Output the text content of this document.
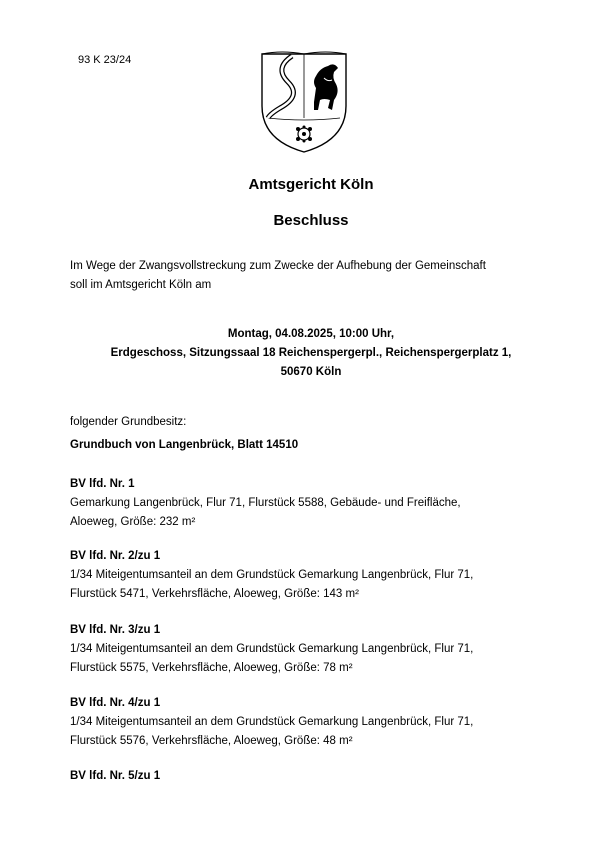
93 K 23/24
Amtsgericht Köln
Beschluss
Im Wege der Zwangsvollstreckung zum Zwecke der Aufhebung der Gemeinschaft
soll im Amtsgericht Köln am
Montag, 04.08.2025, 10:00 Uhr,
Erdgeschoss, Sitzungssaal 18 Reichenspergerpl., Reichenspergerplatz 1,
50670 Köln
folgender Grundbesitz:
Grundbuch von Langenbrück, Blatt 14510
BV lfd. Nr. 1
Gemarkung Langenbrück, Flur 71, Flurstück 5588, Gebäude- und Freifläche,
Aloeweg, Größe: 232 m²
BV lfd. Nr. 2/zu 1
1/34 Miteigentumsanteil an dem Grundstück Gemarkung Langenbrück, Flur 71,
Flurstück 5471, Verkehrsfläche, Aloeweg, Größe: 143 m²
BV lfd. Nr. 3/zu 1
1/34 Miteigentumsanteil an dem Grundstück Gemarkung Langenbrück, Flur 71,
Flurstück 5575, Verkehrsfläche, Aloeweg, Größe: 78 m²
BV lfd. Nr. 4/zu 1
1/34 Miteigentumsanteil an dem Grundstück Gemarkung Langenbrück, Flur 71,
Flurstück 5576, Verkehrsfläche, Aloeweg, Größe: 48 m²
BV lfd. Nr. 5/zu 1
